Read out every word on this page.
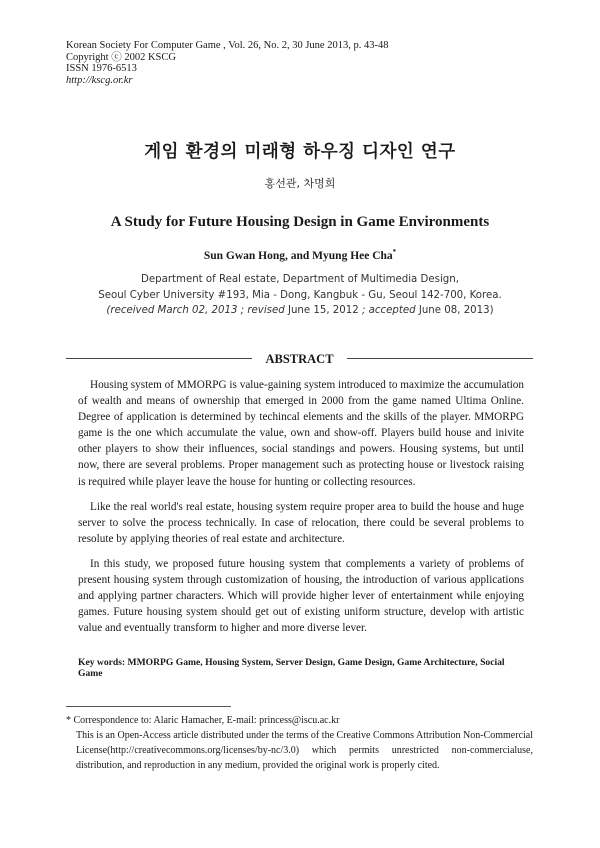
Korean Society For Computer Game , Vol. 26, No. 2, 30 June 2013, p. 43-48
Copyright ⓒ 2002 KSCG
ISSN 1976-6513
http://kscg.or.kr
게임 환경의 미래형 하우징 디자인 연구
홍선관, 차명희
A Study for Future Housing Design in Game Environments
Sun Gwan Hong, and Myung Hee Cha*
Department of Real estate, Department of Multimedia Design,
Seoul Cyber University #193, Mia - Dong, Kangbuk - Gu, Seoul 142-700, Korea.
(received March 02, 2013 ; revised June 15, 2012 ; accepted June 08, 2013)
ABSTRACT

Housing system of MMORPG is value-gaining system introduced to maximize the accumulation of wealth and means of ownership that emerged in 2000 from the game named Ultima Online. Degree of application is determined by techincal elements and the skills of the player. MMORPG game is the one which accumulate the value, own and show-off. Players build house and inivite other players to show their influences, social standings and powers. Housing systems, but until now, there are several problems. Proper management such as protecting house or livestock raising is required while player leave the house for hunting or collecting resources.

Like the real world's real estate, housing system require proper area to build the house and huge server to solve the process technically. In case of relocation, there could be several problems to resolute by applying theories of real estate and architecture.

In this study, we proposed future housing system that complements a variety of problems of present housing system through customization of housing, the introduction of various applications and applying partner characters. Which will provide higher lever of entertainment while enjoying games. Future housing system should get out of existing uniform structure, develop with artistic value and eventually transform to higher and more diverse lever.

Key words: MMORPG Game, Housing System, Server Design, Game Design, Game Architecture, Social Game
* Correspondence to: Alaric Hamacher, E-mail: princess@iscu.ac.kr
This is an Open-Access article distributed under the terms of the Creative Commons Attribution Non-Commercial License(http://creativecommons.org/licenses/by-nc/3.0) which permits unrestricted non-commercialuse, distribution, and reproduction in any medium, provided the original work is properly cited.
